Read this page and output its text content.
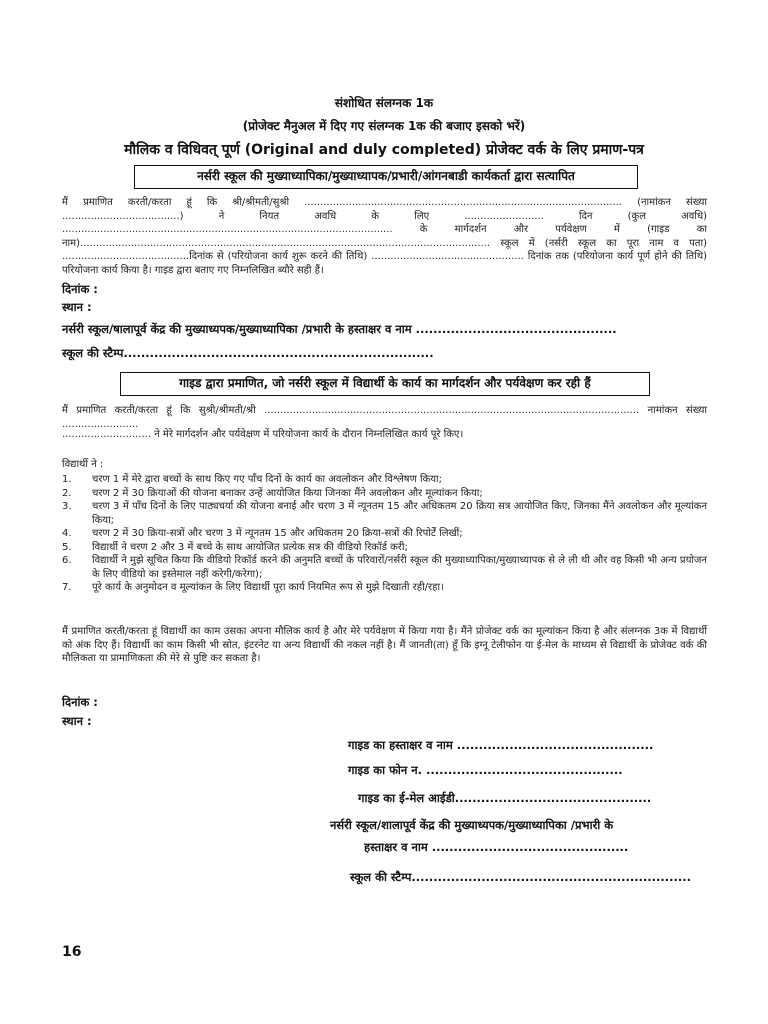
संशोधित संलग्नक 1क
(प्रोजेक्ट मैनुअल में दिए गए संलग्नक 1क की बजाए इसको भरें)
मौलिक व विधिवत् पूर्ण (Original and duly completed) प्रोजेक्ट वर्क के लिए प्रमाण-पत्र
नर्सरी स्कूल की मुख्याध्यापिका/मुख्याध्यापक/प्रभारी/आंगनबाडी कार्यकर्ता द्वारा सत्यापित
मैं प्रमाणित करती/करता हूं कि श्री/श्रीमती/सुश्री .................................................................................................... (नामांकन संख्या .....................................) ने नियत अवधि के लिए ......................... दिन (कुल अवधि) ........................................................................................................ के मार्गदर्शन और पर्यवेक्षण में (गाइड का नाम)................................................................................................................................. स्कूल में (नर्सरी स्कूल का पूरा नाम व पता) ........................................दिनांक से (परियोजना कार्य शुरू करने की तिथि) ................................................ दिनांक तक (परियोजना कार्य पूर्ण होने की तिथि) परियोजना कार्य किया है। गाइड द्वारा बताए गए निम्नलिखित ब्यौरे सही हैं।
दिनांक :
स्थान :
नर्सरी स्कूल/षालापूर्व केंद्र की मुख्याध्यपक/मुख्याध्यापिका /प्रभारी के हस्ताक्षर व नाम ..............................................
स्कूल की स्टैम्प.......................................................................
गाइड द्वारा प्रमाणित, जो नर्सरी स्कूल में विद्यार्थी के कार्य का मार्गदर्शन और पर्यवेक्षण कर रही हैं
मैं प्रमाणित करती/करता हूं कि सुश्री/श्रीमती/श्री ...................................................................................................................... नामांकन संख्या ........................
............................ ने मेरे मार्गदर्शन और पर्यवेक्षण में परियोजना कार्य के दौरान निम्नलिखित कार्य पूरे किए।
विद्यार्थी ने :
1.	चरण 1 में मेरे द्वारा बच्चों के साथ किए गए पाँच दिनों के कार्य का अवलोकन और विश्लेषण किया;
2.	चरण 2 में 30 क्रियाओं की योजना बनाकर उन्हें आयोजित किया जिनका मैंने अवलोकन और मूल्यांकन किया;
3.	चरण 3 में पाँच दिनों के लिए पाठ्यचर्या की योजना बनाई और चरण 3 में न्यूनतम 15 और अधिकतम 20 क्रिया सत्र आयोजित किए, जिनका मैंने अवलोकन और मूल्यांकन किया;
4.	चरण 2 में 30 क्रिया-सत्रों और चरण 3 में न्यूनतम 15 और अधिकतम 20 क्रिया-सत्रों की रिपोर्टें लिखीं;
5.	विद्यार्थी ने चरण 2 और 3 में बच्चे के साथ आयोजित प्रत्येक सत्र की वीडियो रिकॉर्ड करी;
6.	विद्यार्थी ने मुझे सूचित किया कि वीडियो रिकॉर्ड करने की अनुमति बच्चों के परिवारों/नर्सरी स्कूल की मुख्याध्यापिका/मुख्याध्यापक से ले ली थी और वह किसी भी अन्य प्रयोजन के लिए वीडियो का इस्तेमाल नहीं करेगी/करेगा);
7.	पूरे कार्य के अनुमोदन व मूल्यांकन के लिए विद्यार्थी पूरा कार्य नियमित रूप से मुझे दिखाती रही/रहा।
मैं प्रमाणित करती/करता हूं विद्यार्थी का काम उसका अपना मौलिक कार्य है और मेरे पर्यवेक्षण में किया गया है। मैंने प्रोजेक्ट वर्क का मूल्यांकन किया है और संलग्नक 3क में विद्यार्थी को अंक दिए हैं। विद्यार्थी का काम किसी भी स्रोत, इंटरनेट या अन्य विद्यार्थी की नकल नहीं है। मैं जानती(ता) हूँ कि इग्नू टेलीफोन या ई-मेल के माध्यम से विद्यार्थी के प्रोजेक्ट वर्क की मौलिकता या प्रामाणिकता की मेरे से पुष्टि कर सकता है।
दिनांक :
स्थान :
गाइड का हस्ताक्षर व नाम .............................................
गाइड का फोन न. .............................................
गाइड का ई-मेल आईडी.............................................
नर्सरी स्कूल/शालापूर्व केंद्र की मुख्याध्यपक/मुख्याध्यापिका /प्रभारी के
हस्ताक्षर व नाम .............................................
स्कूल की स्टैम्प................................................................
16
